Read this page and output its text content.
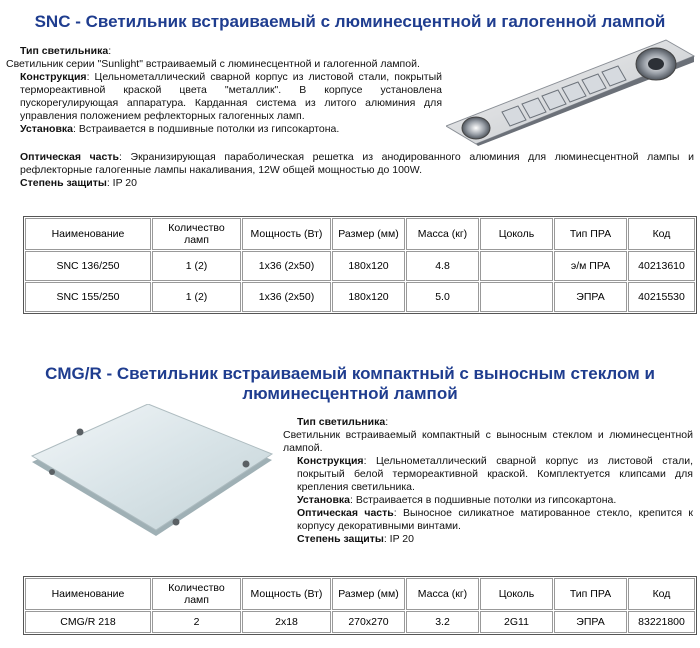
SNC - Светильник встраиваемый с люминесцентной и галогенной лампой

Тип светильника:

Светильник серии "Sunlight" встраиваемый с люминесцентной и галогенной лампой.

Конструкция: Цельнометаллический сварной корпус из листовой стали, покрытый термореактивной краской цвета "металлик". В корпусе установлена пускорегулирующая аппаратура. Карданная система из литого алюминия для управления положением рефлекторных галогенных ламп.

Установка: Встраивается в подшивные потолки из гипсокартона.

Оптическая часть: Экранизирующая параболическая решетка из анодированного алюминия для люминесцентной лампы и рефлекторные галогенные лампы накаливания, 12W общей мощностью до 100W.

Степень защиты: IP 20

Наименование	Количество ламп	Мощность (Вт)	Размер (мм)	Масса (кг)	Цоколь	Тип ПРА	Код
SNC 136/250	1 (2)	1x36 (2x50)	180x120	4.8		э/м ПРА	40213610
SNC 155/250	1 (2)	1x36 (2x50)	180x120	5.0		ЭПРА	40215530
CMG/R - Светильник встраиваемый компактный с выносным стеклом и
люминесцентной лампой

Тип светильника:

Светильник встраиваемый компактный с выносным стеклом и люминесцентной лампой.

Конструкция: Цельнометаллический сварной корпус из листовой стали, покрытый белой термореактивной краской. Комплектуется клипсами для крепления светильника.

Установка: Встраивается в подшивные потолки из гипсокартона.

Оптическая часть: Выносное силикатное матированное стекло, крепится к корпусу декоративными винтами.

Степень защиты: IP 20

Наименование	Количество ламп	Мощность (Вт)	Размер (мм)	Масса (кг)	Цоколь	Тип ПРА	Код
CMG/R 218	2	2x18	270x270	3.2	2G11	ЭПРА	83221800
